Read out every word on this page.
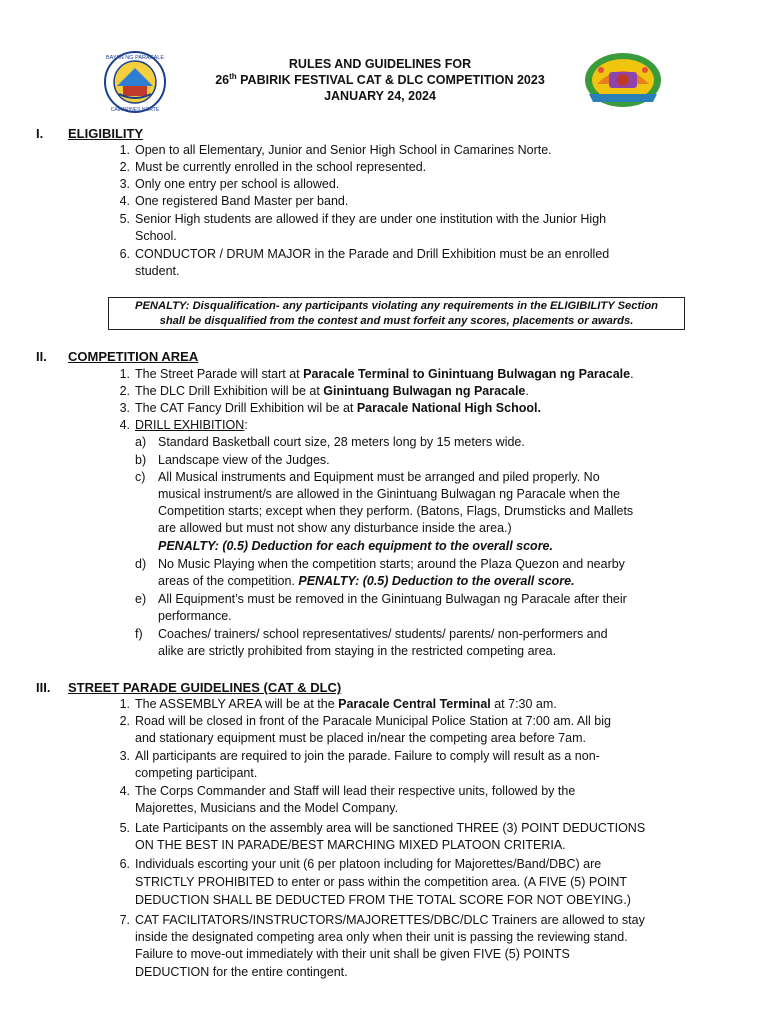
BAYAN NG PARACALE
CAMARINES NORTE
RULES AND GUIDELINES FOR
26th PABIRIK FESTIVAL CAT & DLC COMPETITION 2023
JANUARY 24, 2024
I. ELIGIBILITY
1. Open to all Elementary, Junior and Senior High School in Camarines Norte.
2. Must be currently enrolled in the school represented.
3. Only one entry per school is allowed.
4. One registered Band Master per band.
5. Senior High students are allowed if they are under one institution with the Junior High
School.
6. CONDUCTOR / DRUM MAJOR in the Parade and Drill Exhibition must be an enrolled
student.
PENALTY: Disqualification- any participants violating any requirements in the ELIGIBILITY Section
shall be disqualified from the contest and must forfeit any scores, placements or awards.
II. COMPETITION AREA
1. The Street Parade will start at Paracale Terminal to Ginintuang Bulwagan ng Paracale.
2. The DLC Drill Exhibition will be at Ginintuang Bulwagan ng Paracale.
3. The CAT Fancy Drill Exhibition wil be at Paracale National High School.
4. DRILL EXHIBITION:
a) Standard Basketball court size, 28 meters long by 15 meters wide.
b) Landscape view of the Judges.
c)	All Musical instruments and Equipment must be arranged and piled properly. No
musical instrument/s are allowed in the Ginintuang Bulwagan ng Paracale when the
Competition starts; except when they perform. (Batons, Flags, Drumsticks and Mallets
are allowed but must not show any disturbance inside the area.)
PENALTY: (0.5) Deduction for each equipment to the overall score.
d) No Music Playing when the competition starts; around the Plaza Quezon and nearby
areas of the competition. PENALTY: (0.5) Deduction to the overall score.
e) All Equipment’s must be removed in the Ginintuang Bulwagan ng Paracale after their
performance.
f)	Coaches/ trainers/ school representatives/ students/ parents/ non-performers and
alike are strictly prohibited from staying in the restricted competing area.
III. STREET PARADE GUIDELINES (CAT & DLC)
1. The ASSEMBLY AREA will be at the Paracale Central Terminal at 7:30 am.
2. Road will be closed in front of the Paracale Municipal Police Station at 7:00 am. All big
and stationary equipment must be placed in/near the competing area before 7am.
3. All participants are required to join the parade. Failure to comply will result as a non-
competing participant.
4. The Corps Commander and Staff will lead their respective units, followed by the
Majorettes, Musicians and the Model Company.
5. Late Participants on the assembly area will be sanctioned THREE (3) POINT DEDUCTIONS
ON THE BEST IN PARADE/BEST MARCHING MIXED PLATOON CRITERIA.
6. Individuals escorting your unit (6 per platoon including for Majorettes/Band/DBC) are
STRICTLY PROHIBITED to enter or pass within the competition area. (A FIVE (5) POINT
DEDUCTION SHALL BE DEDUCTED FROM THE TOTAL SCORE FOR NOT OBEYING.)
7. CAT FACILITATORS/INSTRUCTORS/MAJORETTES/DBC/DLC Trainers are allowed to stay
inside the designated competing area only when their unit is passing the reviewing stand.
Failure to move-out immediately with their unit shall be given FIVE (5) POINTS
DEDUCTION for the entire contingent.
